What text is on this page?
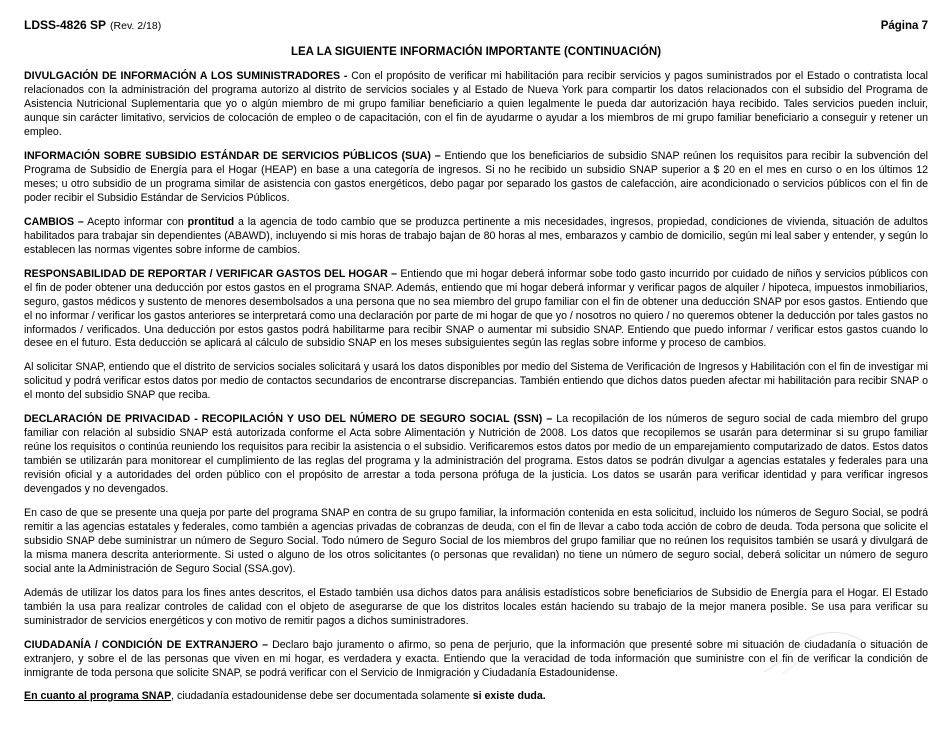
LDSS-4826 SP (Rev. 2/18)	Página 7
LEA LA SIGUIENTE INFORMACIÓN IMPORTANTE (CONTINUACIÓN)
DIVULGACIÓN DE INFORMACIÓN A LOS SUMINISTRADORES - Con el propósito de verificar mi habilitación para recibir servicios y pagos suministrados por el Estado o contratista local relacionados con la administración del programa autorizo al distrito de servicios sociales y al Estado de Nueva York para compartir los datos relacionados con el subsidio del Programa de Asistencia Nutricional Suplementaria que yo o algún miembro de mi grupo familiar beneficiario a quien legalmente le pueda dar autorización haya recibido. Tales servicios pueden incluir, aunque sin carácter limitativo, servicios de colocación de empleo o de capacitación, con el fin de ayudarme o ayudar a los miembros de mi grupo familiar beneficiario a conseguir y retener un empleo.
INFORMACIÓN SOBRE SUBSIDIO ESTÁNDAR DE SERVICIOS PÚBLICOS (SUA) – Entiendo que los beneficiarios de subsidio SNAP reúnen los requisitos para recibir la subvención del Programa de Subsidio de Energía para el Hogar (HEAP) en base a una categoría de ingresos. Si no he recibido un subsidio SNAP superior a $ 20 en el mes en curso o en los últimos 12 meses; u otro subsidio de un programa similar de asistencia con gastos energéticos, debo pagar por separado los gastos de calefacción, aire acondicionado o servicios públicos con el fin de poder recibir el Subsidio Estándar de Servicios Públicos.
CAMBIOS – Acepto informar con prontitud a la agencia de todo cambio que se produzca pertinente a mis necesidades, ingresos, propiedad, condiciones de vivienda, situación de adultos habilitados para trabajar sin dependientes (ABAWD), incluyendo si mis horas de trabajo bajan de 80 horas al mes, embarazos y cambio de domicilio, según mi leal saber y entender, y según lo establecen las normas vigentes sobre informe de cambios.
RESPONSABILIDAD DE REPORTAR / VERIFICAR GASTOS DEL HOGAR – Entiendo que mi hogar deberá informar sobe todo gasto incurrido por cuidado de niños y servicios públicos con el fin de poder obtener una deducción por estos gastos en el programa SNAP. Además, entiendo que mi hogar deberá informar y verificar pagos de alquiler / hipoteca, impuestos inmobiliarios, seguro, gastos médicos y sustento de menores desembolsados a una persona que no sea miembro del grupo familiar con el fin de obtener una deducción SNAP por esos gastos. Entiendo que el no informar / verificar los gastos anteriores se interpretará como una declaración por parte de mi hogar de que yo / nosotros no quiero / no queremos obtener la deducción por tales gastos no informados / verificados. Una deducción por estos gastos podrá habilitarme para recibir SNAP o aumentar mi subsidio SNAP. Entiendo que puedo informar / verificar estos gastos cuando lo desee en el futuro. Esta deducción se aplicará al cálculo de subsidio SNAP en los meses subsiguientes según las reglas sobre informe y proceso de cambios.
Al solicitar SNAP, entiendo que el distrito de servicios sociales solicitará y usará los datos disponibles por medio del Sistema de Verificación de Ingresos y Habilitación con el fin de investigar mi solicitud y podrá verificar estos datos por medio de contactos secundarios de encontrarse discrepancias. También entiendo que dichos datos pueden afectar mi habilitación para recibir SNAP o el monto del subsidio SNAP que reciba.
DECLARACIÓN DE PRIVACIDAD - RECOPILACIÓN Y USO DEL NÚMERO DE SEGURO SOCIAL (SSN) – La recopilación de los números de seguro social de cada miembro del grupo familiar con relación al subsidio SNAP está autorizada conforme el Acta sobre Alimentación y Nutrición de 2008. Los datos que recopilemos se usarán para determinar si su grupo familiar reúne los requisitos o continúa reuniendo los requisitos para recibir la asistencia o el subsidio. Verificaremos estos datos por medio de un emparejamiento computarizado de datos. Estos datos también se utilizarán para monitorear el cumplimiento de las reglas del programa y la administración del programa. Estos datos se podrán divulgar a agencias estatales y federales para una revisión oficial y a autoridades del orden público con el propósito de arrestar a toda persona prófuga de la justicia. Los datos se usarán para verificar identidad y para verificar ingresos devengados y no devengados.
En caso de que se presente una queja por parte del programa SNAP en contra de su grupo familiar, la información contenida en esta solicitud, incluido los números de Seguro Social, se podrá remitir a las agencias estatales y federales, como también a agencias privadas de cobranzas de deuda, con el fin de llevar a cabo toda acción de cobro de deuda. Toda persona que solicite el subsidio SNAP debe suministrar un número de Seguro Social. Todo número de Seguro Social de los miembros del grupo familiar que no reúnen los requisitos también se usará y divulgará de la misma manera descrita anteriormente. Si usted o alguno de los otros solicitantes (o personas que revalidan) no tiene un número de seguro social, deberá solicitar un número de seguro social ante la Administración de Seguro Social (SSA.gov).
Además de utilizar los datos para los fines antes descritos, el Estado también usa dichos datos para análisis estadísticos sobre beneficiarios de Subsidio de Energía para el Hogar. El Estado también la usa para realizar controles de calidad con el objeto de asegurarse de que los distritos locales están haciendo su trabajo de la mejor manera posible. Se usa para verificar su suministrador de servicios energéticos y con motivo de remitir pagos a dichos suministradores.
CIUDADANÍA / CONDICIÓN DE EXTRANJERO – Declaro bajo juramento o afirmo, so pena de perjurio, que la información que presenté sobre mi situación de ciudadanía o situación de extranjero, y sobre el de las personas que viven en mi hogar, es verdadera y exacta. Entiendo que la veracidad de toda información que suministre con el fin de verificar la condición de inmigrante de toda persona que solicite SNAP, se podrá verificar con el Servicio de Inmigración y Ciudadanía Estadounidense.
En cuanto al programa SNAP, ciudadanía estadounidense debe ser documentada solamente si existe duda.
